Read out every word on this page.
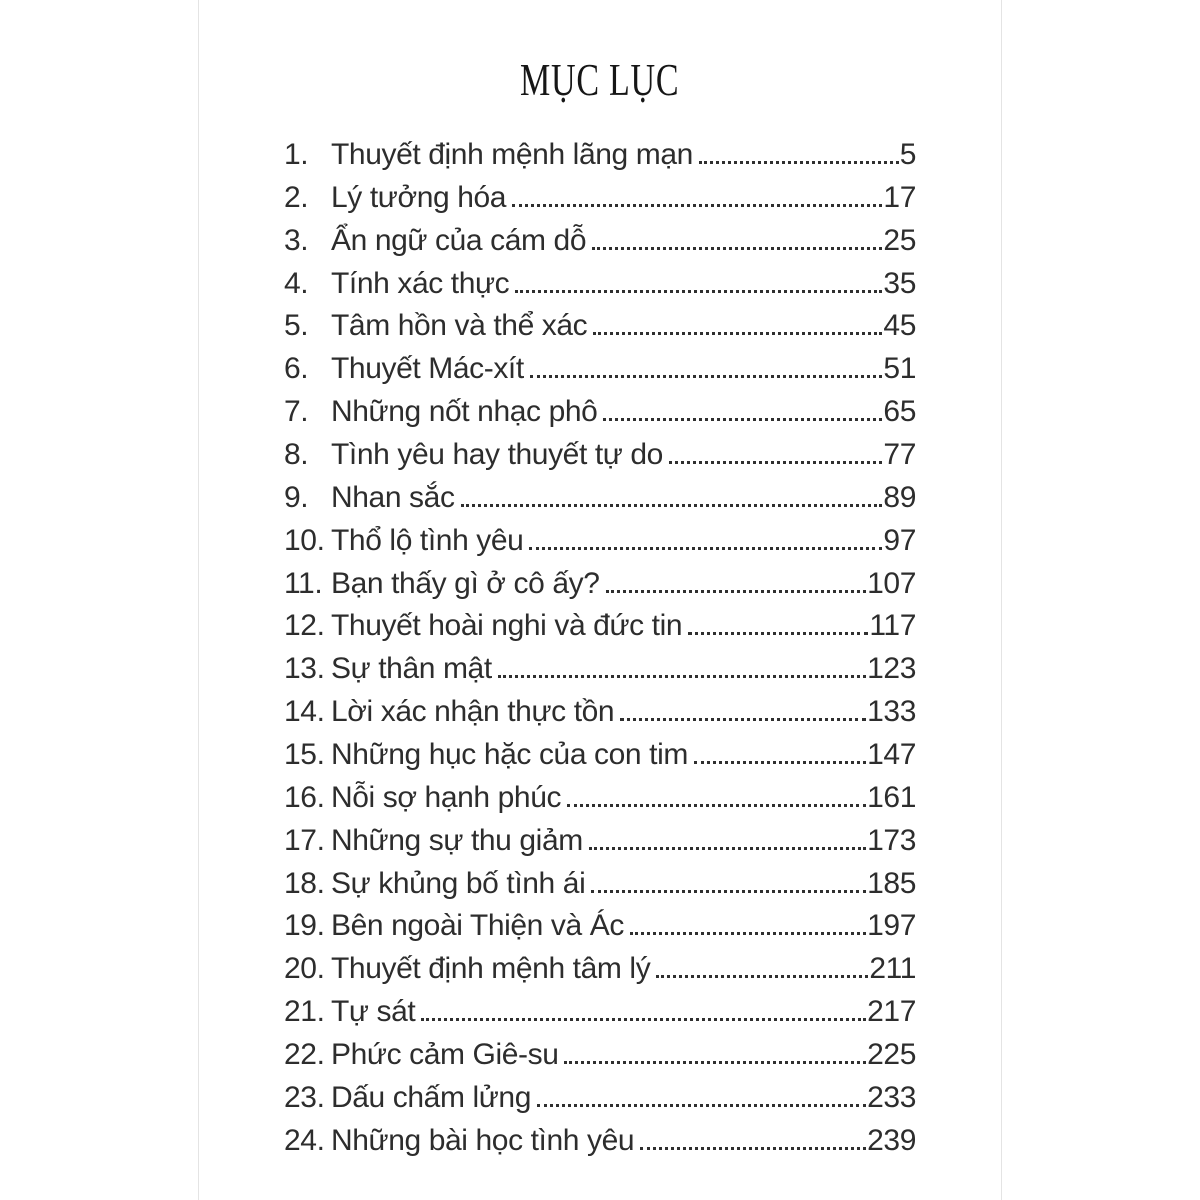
MỤC LỤC
1. Thuyết định mệnh lãng mạn	5
2. Lý tưởng hóa	17
3. Ẩn ngữ của cám dỗ	25
4. Tính xác thực	35
5. Tâm hồn và thể xác	45
6. Thuyết Mác-xít	51
7. Những nốt nhạc phô	65
8. Tình yêu hay thuyết tự do	77
9. Nhan sắc	89
10. Thổ lộ tình yêu	97
11. Bạn thấy gì ở cô ấy?	107
12. Thuyết hoài nghi và đức tin	117
13. Sự thân mật	123
14. Lời xác nhận thực tồn	133
15. Những hục hặc của con tim	147
16. Nỗi sợ hạnh phúc	161
17. Những sự thu giảm	173
18. Sự khủng bố tình ái	185
19. Bên ngoài Thiện và Ác	197
20. Thuyết định mệnh tâm lý	211
21. Tự sát	217
22. Phức cảm Giê-su	225
23. Dấu chấm lửng	233
24. Những bài học tình yêu	239
